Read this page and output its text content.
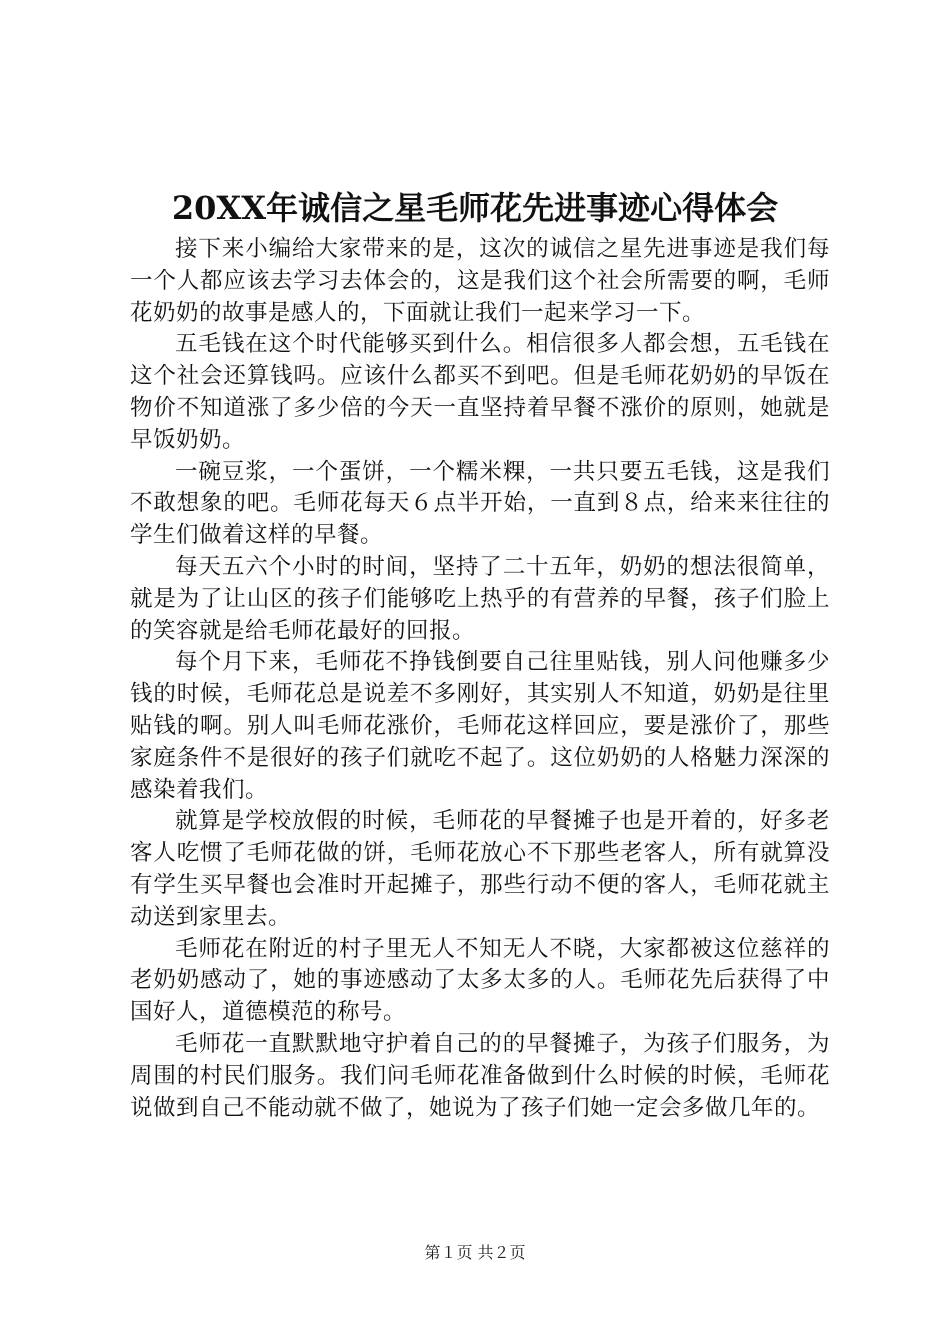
20XX年诚信之星毛师花先进事迹心得体会

接下来小编给大家带来的是，这次的诚信之星先进事迹是我们每一个人都应该去学习去体会的，这是我们这个社会所需要的啊，毛师花奶奶的故事是感人的，下面就让我们一起来学习一下。

五毛钱在这个时代能够买到什么。相信很多人都会想，五毛钱在这个社会还算钱吗。应该什么都买不到吧。但是毛师花奶奶的早饭在物价不知道涨了多少倍的今天一直坚持着早餐不涨价的原则，她就是早饭奶奶。

一碗豆浆，一个蛋饼，一个糯米粿，一共只要五毛钱，这是我们不敢想象的吧。毛师花每天６点半开始，一直到８点，给来来往往的学生们做着这样的早餐。

每天五六个小时的时间，坚持了二十五年，奶奶的想法很简单，就是为了让山区的孩子们能够吃上热乎的有营养的早餐，孩子们脸上的笑容就是给毛师花最好的回报。

每个月下来，毛师花不挣钱倒要自己往里贴钱，别人问他赚多少钱的时候，毛师花总是说差不多刚好，其实别人不知道，奶奶是往里贴钱的啊。别人叫毛师花涨价，毛师花这样回应，要是涨价了，那些家庭条件不是很好的孩子们就吃不起了。这位奶奶的人格魅力深深的感染着我们。

就算是学校放假的时候，毛师花的早餐摊子也是开着的，好多老客人吃惯了毛师花做的饼，毛师花放心不下那些老客人，所有就算没有学生买早餐也会准时开起摊子，那些行动不便的客人，毛师花就主动送到家里去。

毛师花在附近的村子里无人不知无人不晓，大家都被这位慈祥的老奶奶感动了，她的事迹感动了太多太多的人。毛师花先后获得了中国好人，道德模范的称号。

毛师花一直默默地守护着自己的的早餐摊子，为孩子们服务，为周围的村民们服务。我们问毛师花准备做到什么时候的时候，毛师花说做到自己不能动就不做了，她说为了孩子们她一定会多做几年的。

第１页 共２页
